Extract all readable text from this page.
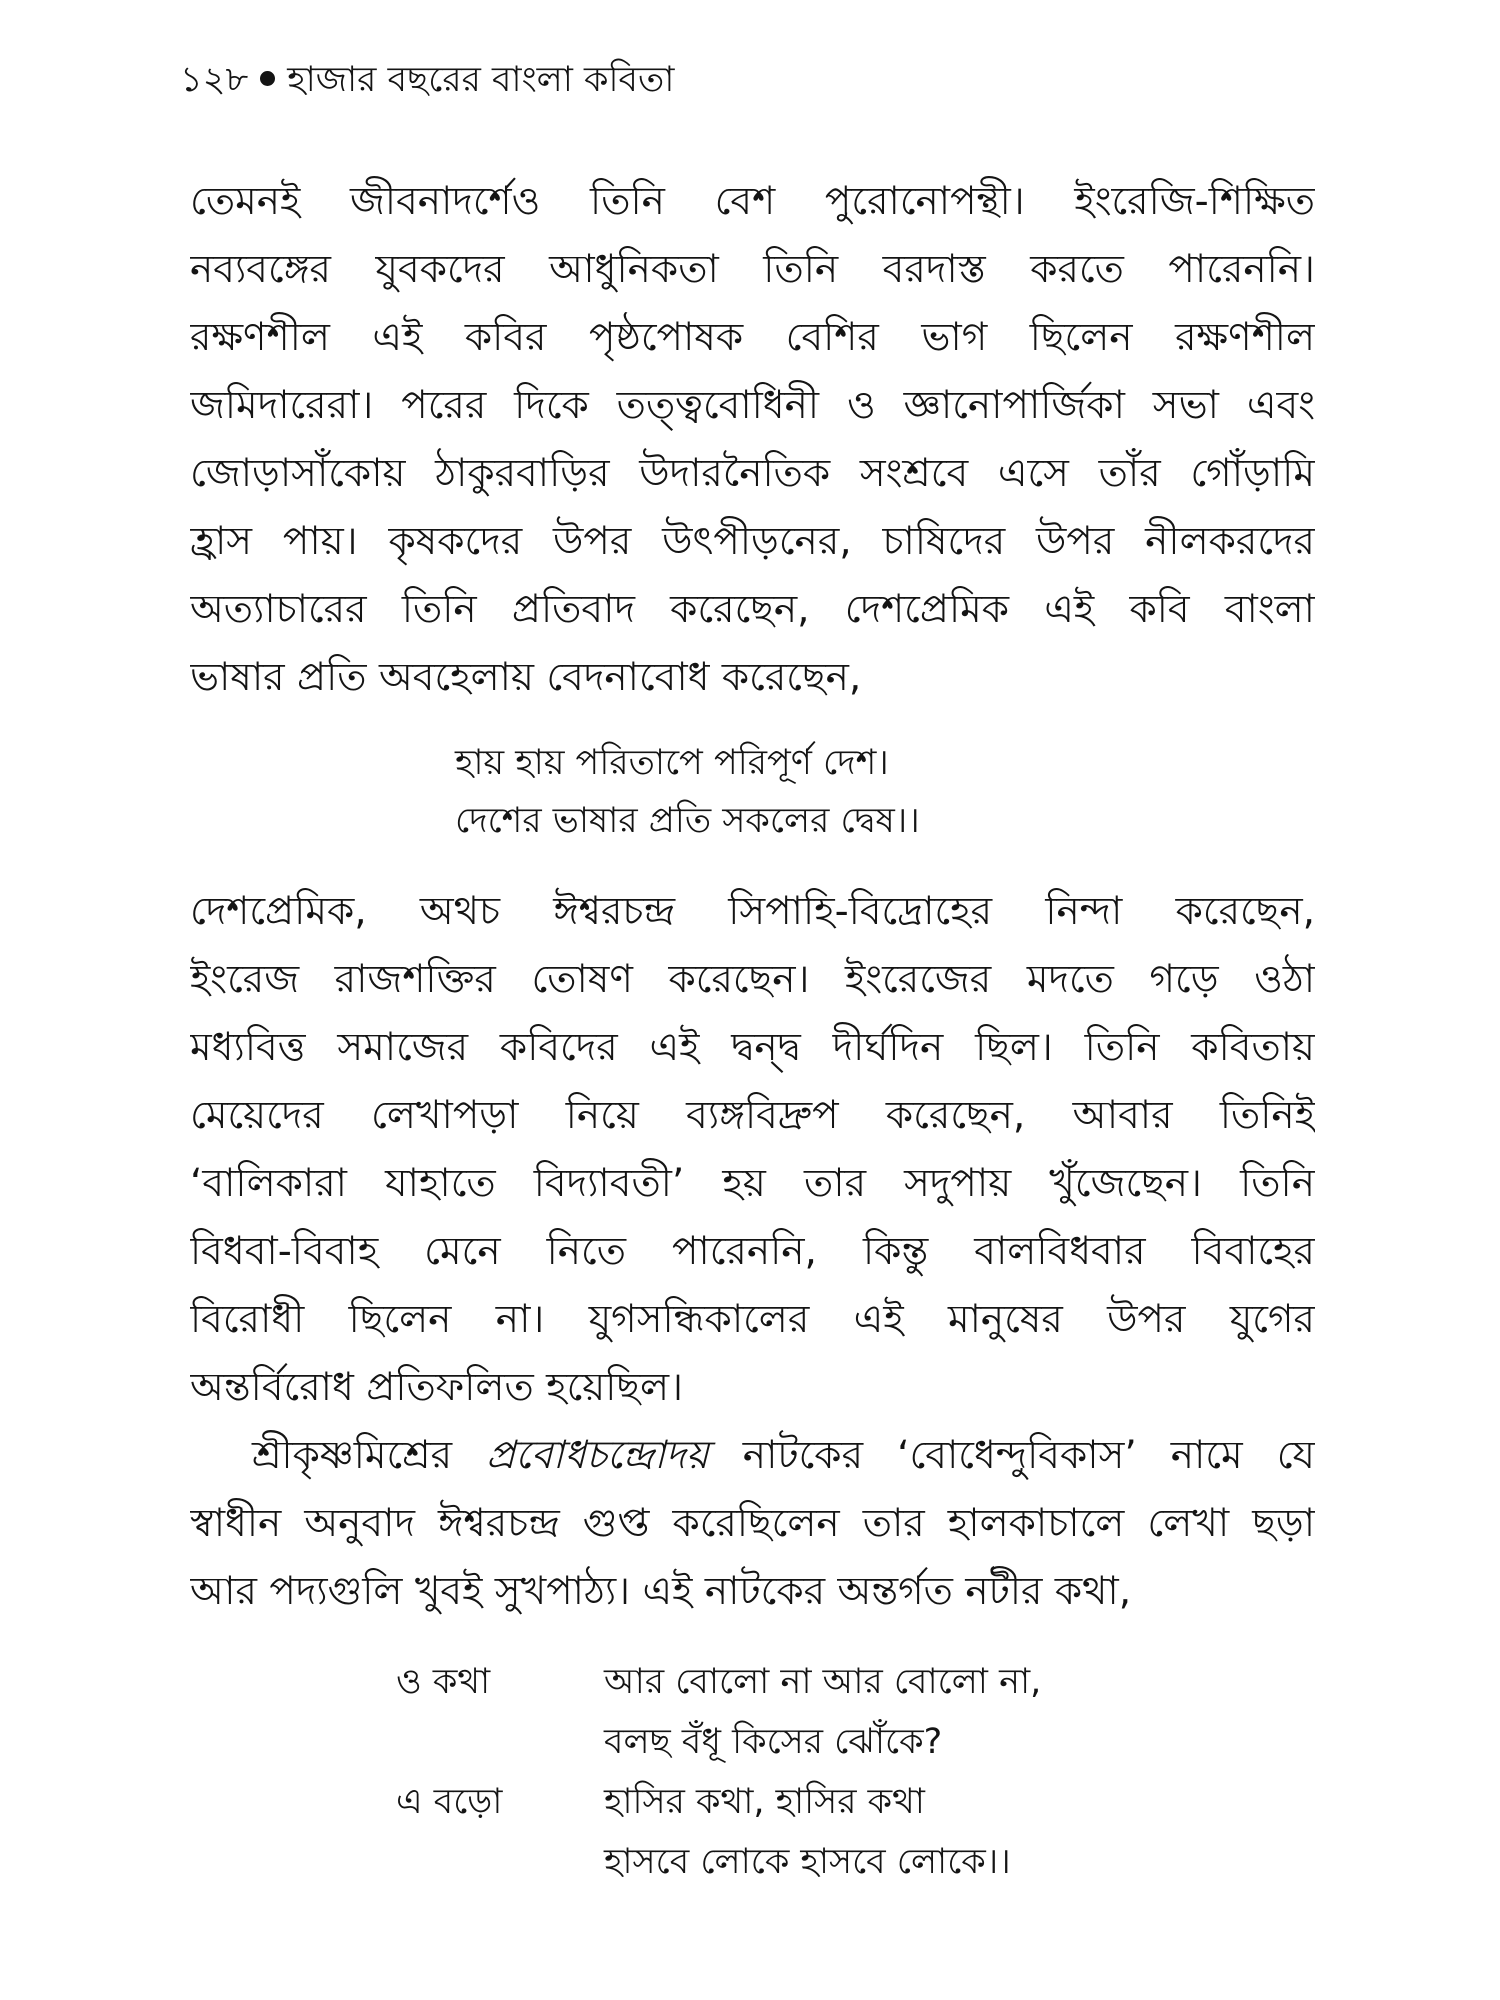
১২৮ হাজার বছরের বাংলা কবিতা
তেমনই জীবনাদর্শেও তিনি বেশ পুরোনোপন্থী। ইংরেজি-শিক্ষিত
নব্যবঙ্গের যুবকদের আধুনিকতা তিনি বরদাস্ত করতে পারেননি।
রক্ষণশীল এই কবির পৃষ্ঠপোষক বেশির ভাগ ছিলেন রক্ষণশীল
জমিদারেরা। পরের দিকে তত্ত্ববোধিনী ও জ্ঞানোপার্জিকা সভা এবং
জোড়াসাঁকোয় ঠাকুরবাড়ির উদারনৈতিক সংশ্রবে এসে তাঁর গোঁড়ামি
হ্রাস পায়। কৃষকদের উপর উৎপীড়নের, চাষিদের উপর নীলকরদের
অত্যাচারের তিনি প্রতিবাদ করেছেন, দেশপ্রেমিক এই কবি বাংলা
ভাষার প্রতি অবহেলায় বেদনাবোধ করেছেন,
হায় হায় পরিতাপে পরিপূর্ণ দেশ।
দেশের ভাষার প্রতি সকলের দ্বেষ।।
দেশপ্রেমিক, অথচ ঈশ্বরচন্দ্র সিপাহি-বিদ্রোহের নিন্দা করেছেন,
ইংরেজ রাজশক্তির তোষণ করেছেন। ইংরেজের মদতে গড়ে ওঠা
মধ্যবিত্ত সমাজের কবিদের এই দ্বন্দ্ব দীর্ঘদিন ছিল। তিনি কবিতায়
মেয়েদের লেখাপড়া নিয়ে ব্যঙ্গবিদ্রুপ করেছেন, আবার তিনিই
‘বালিকারা যাহাতে বিদ্যাবতী’ হয় তার সদুপায় খুঁজেছেন। তিনি
বিধবা-বিবাহ মেনে নিতে পারেননি, কিন্তু বালবিধবার বিবাহের
বিরোধী ছিলেন না। যুগসন্ধিকালের এই মানুষের উপর যুগের
অন্তর্বিরোধ প্রতিফলিত হয়েছিল।
শ্রীকৃষ্ণমিশ্রের প্রবোধচন্দ্রোদয় নাটকের ‘বোধেন্দুবিকাস’ নামে যে
স্বাধীন অনুবাদ ঈশ্বরচন্দ্র গুপ্ত করেছিলেন তার হালকাচালে লেখা ছড়া
আর পদ্যগুলি খুবই সুখপাঠ্য। এই নাটকের অন্তর্গত নটীর কথা,
ও কথা	আর বোলো না আর বোলো না,
বলছ বঁধূ কিসের ঝোঁকে?
এ বড়ো	হাসির কথা, হাসির কথা
হাসবে লোকে হাসবে লোকে।।
